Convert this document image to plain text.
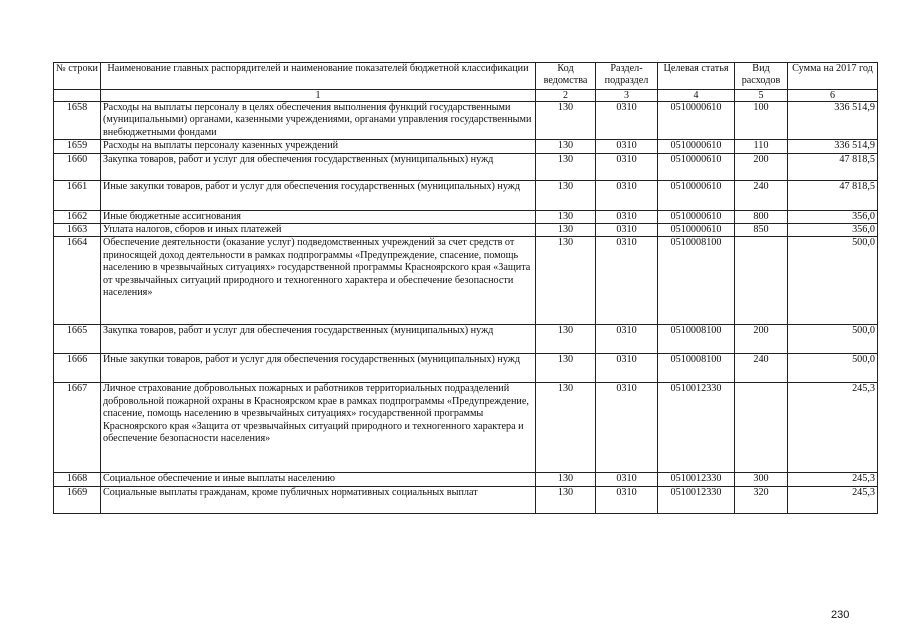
№ строки	Наименование главных распорядителей и наименование показателей бюджетной классификации	Код ведомства	Раздел- подраздел	Целевая статья	Вид расходов	Сумма на 2017 год
	1	2	3	4	5	6
1658	Расходы на выплаты персоналу в целях обеспечения выполнения функций государственными (муниципальными) органами, казенными учреждениями, органами управления государственными внебюджетными фондами	130	0310	0510000610	100	336 514,9
1659	Расходы на выплаты персоналу казенных учреждений	130	0310	0510000610	110	336 514,9
1660	Закупка товаров, работ и услуг для обеспечения государственных (муниципальных) нужд	130	0310	0510000610	200	47 818,5
1661	Иные закупки товаров, работ и услуг для обеспечения государственных (муниципальных) нужд	130	0310	0510000610	240	47 818,5
1662	Иные бюджетные ассигнования	130	0310	0510000610	800	356,0
1663	Уплата налогов, сборов и иных платежей	130	0310	0510000610	850	356,0
1664	Обеспечение деятельности (оказание услуг) подведомственных учреждений за счет средств от приносящей доход деятельности в рамках подпрограммы «Предупреждение, спасение, помощь населению в чрезвычайных ситуациях» государственной программы Красноярского края «Защита от чрезвычайных ситуаций природного и техногенного характера и обеспечение безопасности населения»	130	0310	0510008100		500,0
1665	Закупка товаров, работ и услуг для обеспечения государственных (муниципальных) нужд	130	0310	0510008100	200	500,0
1666	Иные закупки товаров, работ и услуг для обеспечения государственных (муниципальных) нужд	130	0310	0510008100	240	500,0
1667	Личное страхование добровольных пожарных и работников территориальных подразделений добровольной пожарной охраны в Красноярском крае в рамках подпрограммы «Предупреждение, спасение, помощь населению в чрезвычайных ситуациях» государственной программы Красноярского края «Защита от чрезвычайных ситуаций природного и техногенного характера и обеспечение безопасности населения»	130	0310	0510012330		245,3
1668	Социальное обеспечение и иные выплаты населению	130	0310	0510012330	300	245,3
1669	Социальные выплаты гражданам, кроме публичных нормативных социальных выплат	130	0310	0510012330	320	245,3
230
